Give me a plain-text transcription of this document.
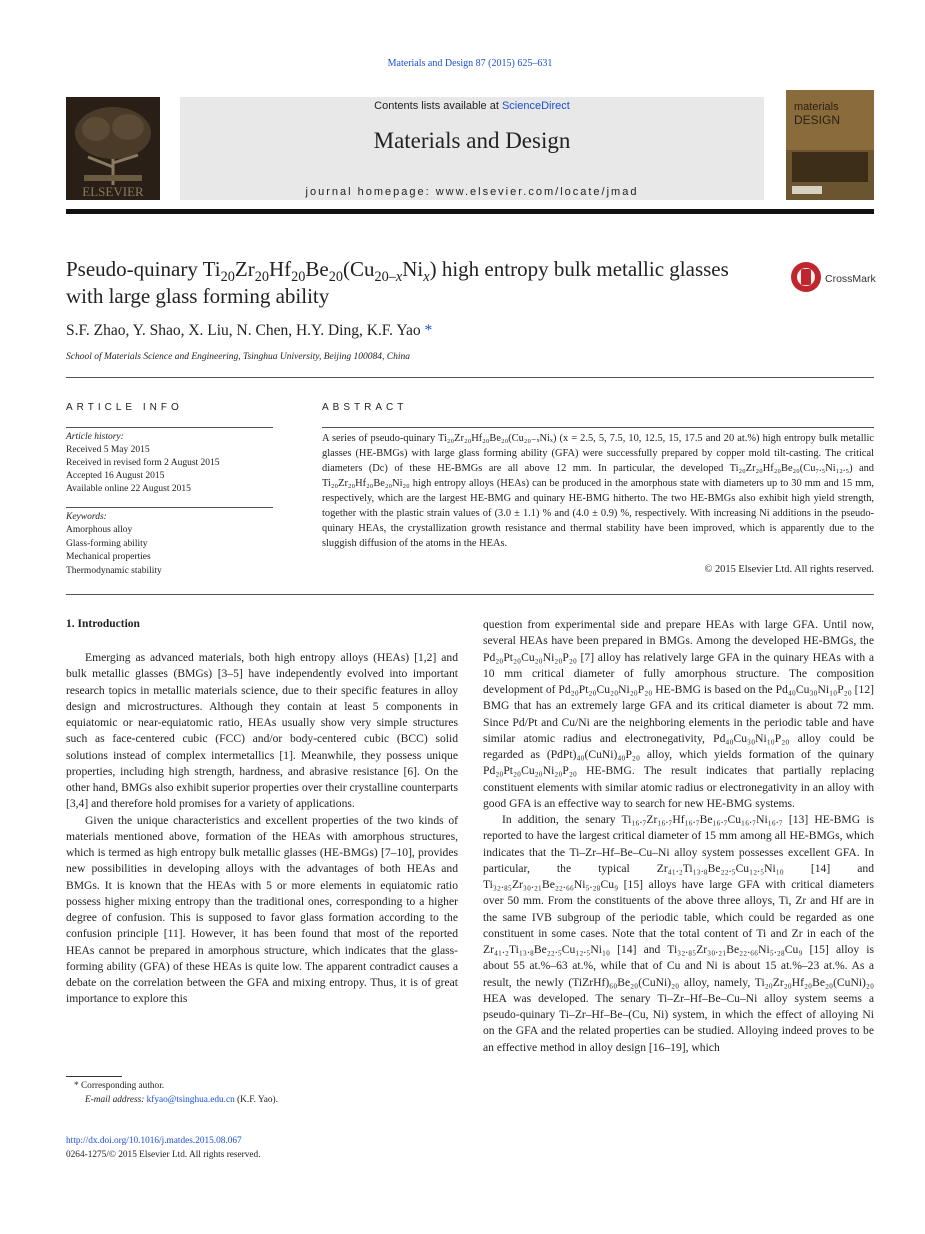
Materials and Design 87 (2015) 625–631
ELSEVIER
Contents lists available at ScienceDirect
Materials and Design
journal homepage: www.elsevier.com/locate/jmad
materials
DESIGN
Pseudo-quinary $Ti_{20}Zr_{20}Hf_{20}Be_{20}(Cu_{20-x}Ni_x)$ high entropy bulk metallic glasses with large glass forming ability
CrossMark
S.F. Zhao, Y. Shao, X. Liu, N. Chen, H.Y. Ding, K.F. Yao *
School of Materials Science and Engineering, Tsinghua University, Beijing 100084, China
ARTICLE INFO	ABSTRACT
Article history:
Received 5 May 2015
Received in revised form 2 August 2015
Accepted 16 August 2015
Available online 22 August 2015
Keywords:
Amorphous alloy
Glass-forming ability
Mechanical properties
Thermodynamic stability
A series of pseudo-quinary Ti₂₀Zr₂₀Hf₂₀Be₂₀(Cu₂₀₋ₓNiₓ) (x = 2.5, 5, 7.5, 10, 12.5, 15, 17.5 and 20 at.%) high entropy bulk metallic glasses (HE-BMGs) with large glass forming ability (GFA) were successfully prepared by copper mold tilt-casting. The critical diameters (Dc) of these HE-BMGs are all above 12 mm. In particular, the developed Ti₂₀Zr₂₀Hf₂₀Be₂₀(Cu₇.₅Ni₁₂.₅) and Ti₂₀Zr₂₀Hf₂₀Be₂₀Ni₂₀ high entropy alloys (HEAs) can be produced in the amorphous state with diameters up to 30 mm and 15 mm, respectively, which are the largest HE-BMG and quinary HE-BMG hitherto. The two HE-BMGs also exhibit high yield strength, together with the plastic strain values of (3.0 ± 1.1) % and (4.0 ± 0.9) %, respectively. With increasing Ni additions in the pseudo-quinary HEAs, the crystallization growth resistance and thermal stability have been improved, which is apparently due to the sluggish diffusion of the atoms in the HEAs.
© 2015 Elsevier Ltd. All rights reserved.
1. Introduction

Emerging as advanced materials, both high entropy alloys (HEAs) [1,2] and bulk metallic glasses (BMGs) [3–5] have independently evolved into important research topics in metallic materials science, due to their specific features in alloy design and microstructures. Although they contain at least 5 components in equiatomic or near-equiatomic ratio, HEAs usually show very simple structures such as face-centered cubic (FCC) and/or body-centered cubic (BCC) solid solutions instead of complex intermetallics [1]. Meanwhile, they possess unique properties, including high strength, hardness, and abrasive resistance [6]. On the other hand, BMGs also exhibit superior properties over their crystalline counterparts [3,4] and therefore hold promises for a variety of applications.

Given the unique characteristics and excellent properties of the two kinds of materials mentioned above, formation of the HEAs with amorphous structures, which is termed as high entropy bulk metallic glasses (HE-BMGs) [7–10], provides new possibilities in developing alloys with the advantages of both HEAs and BMGs. It is known that the HEAs with 5 or more elements in equiatomic ratio possess higher mixing entropy than the traditional ones, corresponding to a higher degree of confusion. This is supposed to favor glass formation according to the confusion principle [11]. However, it has been found that most of the reported HEAs cannot be prepared in amorphous structure, which indicates that the glass-forming ability (GFA) of these HEAs is quite low. The apparent contradict causes a debate on the correlation between the GFA and mixing entropy. Thus, it is of great importance to explore this

question from experimental side and prepare HEAs with large GFA. Until now, several HEAs have been prepared in BMGs. Among the developed HE-BMGs, the Pd₂₀Pt₂₀Cu₂₀Ni₂₀P₂₀ [7] alloy has relatively large GFA in the quinary HEAs with a 10 mm critical diameter of fully amorphous structure. The composition development of Pd₂₀Pt₂₀Cu₂₀Ni₂₀P₂₀ HE-BMG is based on the Pd₄₀Cu₃₀Ni₁₀P₂₀ [12] BMG that has an extremely large GFA and its critical diameter is about 72 mm. Since Pd/Pt and Cu/Ni are the neighboring elements in the periodic table and have similar atomic radius and electronegativity, Pd₄₀Cu₃₀Ni₁₀P₂₀ alloy could be regarded as (PdPt)₄₀(CuNi)₄₀P₂₀ alloy, which yields formation of the quinary Pd₂₀Pt₂₀Cu₂₀Ni₂₀P₂₀ HE-BMG. The result indicates that partially replacing constituent elements with similar atomic radius or electronegativity in an alloy with good GFA is an effective way to search for new HE-BMG systems.

In addition, the senary Ti₁₆.₇Zr₁₆.₇Hf₁₆.₇Be₁₆.₇Cu₁₆.₇Ni₁₆.₇ [13] HE-BMG is reported to have the largest critical diameter of 15 mm among all HE-BMGs, which indicates that the Ti–Zr–Hf–Be–Cu–Ni alloy system possesses excellent GFA. In particular, the typical Zr₄₁.₂Ti₁₃.₈Be₂₂.₅Cu₁₂.₅Ni₁₀ [14] and Ti₃₂.₈₅Zr₃₀.₂₁Be₂₂.₆₆Ni₅.₂₈Cu₉ [15] alloys have large GFA with critical diameters over 50 mm. From the constituents of the above three alloys, Ti, Zr and Hf are in the same IVB subgroup of the periodic table, which could be regarded as one constituent in some cases. Note that the total content of Ti and Zr in each of the Zr₄₁.₂Ti₁₃.₈Be₂₂.₅Cu₁₂.₅Ni₁₀ [14] and Ti₃₂.₈₅Zr₃₀.₂₁Be₂₂.₆₆Ni₅.₂₈Cu₉ [15] alloy is about 55 at.%–63 at.%, while that of Cu and Ni is about 15 at.%–23 at.%. As a result, the newly (TiZrHf)₆₀Be₂₀(CuNi)₂₀ alloy, namely, Ti₂₀Zr₂₀Hf₂₀Be₂₀(CuNi)₂₀ HEA was developed. The senary Ti–Zr–Hf–Be–Cu–Ni alloy system seems a pseudo-quinary Ti–Zr–Hf–Be–(Cu, Ni) system, in which the effect of alloying Ni on the GFA and the related properties can be studied. Alloying indeed proves to be an effective method in alloy design [16–19], which

* Corresponding author.
E-mail address: kfyao@tsinghua.edu.cn (K.F. Yao).
http://dx.doi.org/10.1016/j.matdes.2015.08.067
0264-1275/© 2015 Elsevier Ltd. All rights reserved.
